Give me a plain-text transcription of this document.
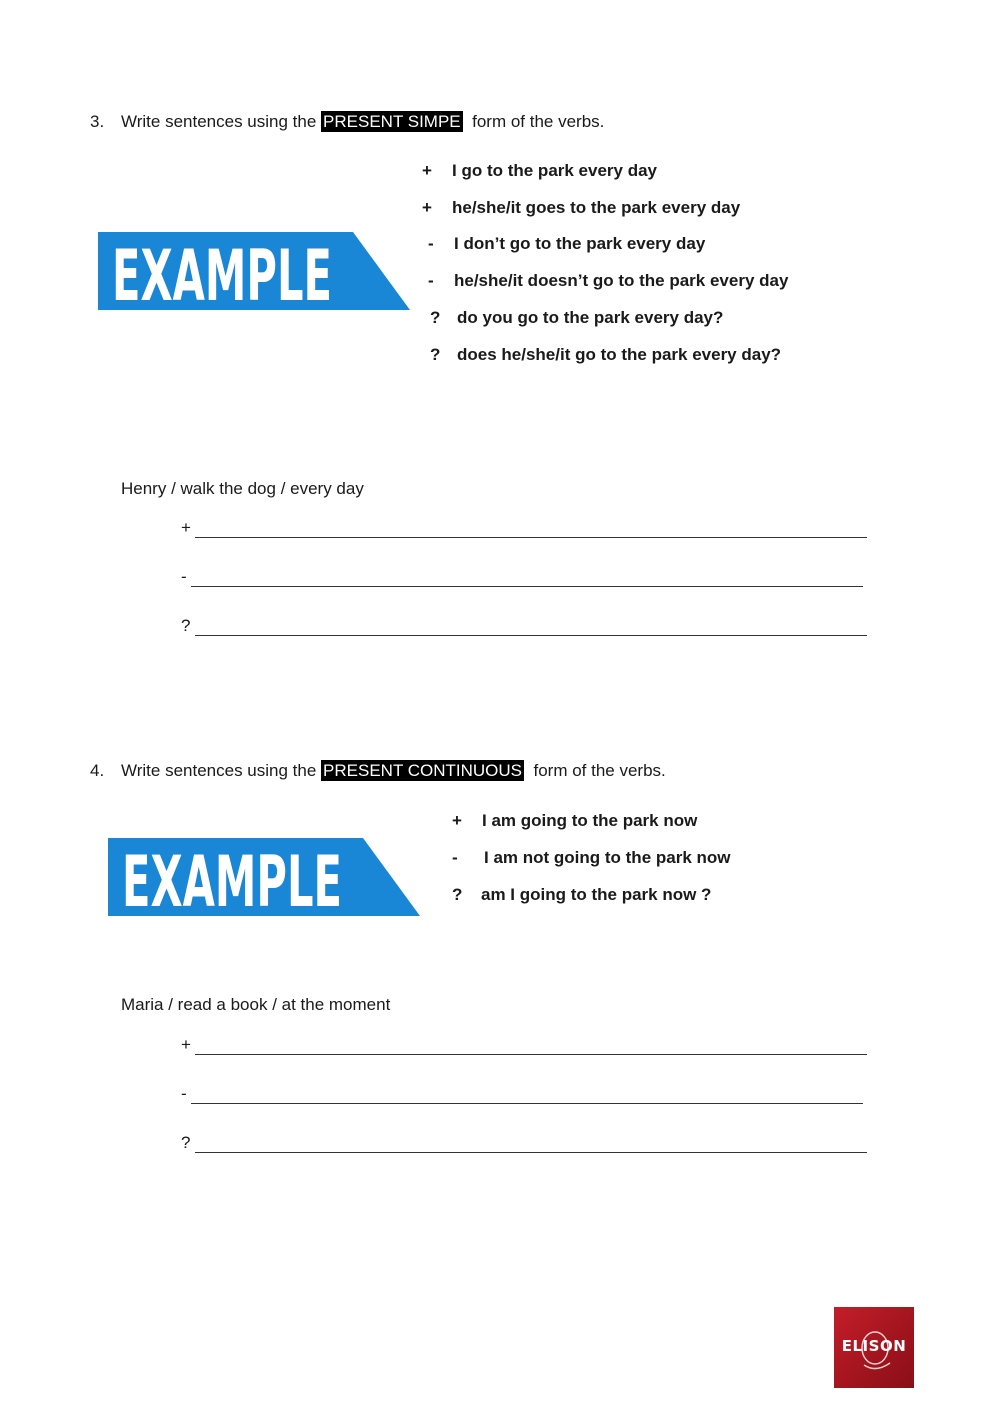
3. Write sentences using the PRESENT SIMPE form of the verbs.
EXAMPLE
+ I go to the park every day
+ he/she/it goes to the park every day
- I don’t go to the park every day
- he/she/it doesn’t go to the park every day
? do you go to the park every day?
? does he/she/it go to the park every day?
Henry / walk the dog / every day
+
-
?
4. Write sentences using the PRESENT CONTINUOUS form of the verbs.
EXAMPLE
+ I am going to the park now
- I am not going to the park now
? am I going to the park now ?
Maria / read a book / at the moment
+
-
?
ELISON
